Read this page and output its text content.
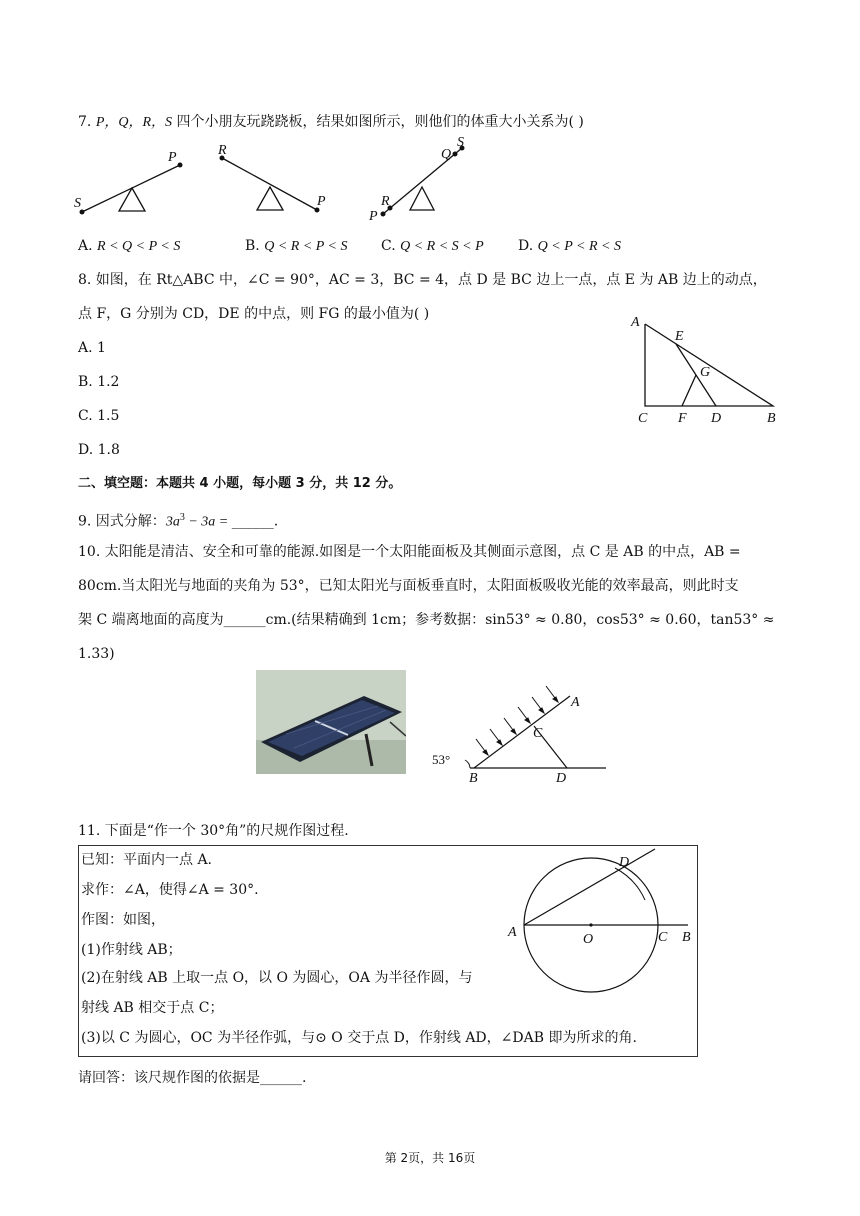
7. P，Q，R，S 四个小朋友玩跷跷板，结果如图所示，则他们的体重大小关系为( )
S
P	R
P
Q
S
P
R
A. R < Q < P < S	B. Q < R < P < S C. Q < R < S < P D. Q < P < R < S
8. 如图，在 Rt△ABC 中，∠C = 90°，AC = 3，BC = 4，点 D 是 BC 边上一点，点 E 为 AB 边上的动点，
点 F，G 分别为 CD，DE 的中点，则 FG 的最小值为( )
A. 1
B. 1.2
C. 1.5
D. 1.8
A
E
G
C F D	B
二、填空题：本题共 4 小题，每小题 3 分，共 12 分。
9. 因式分解：$3a^3 - 3a$ = ______.
10. 太阳能是清洁、安全和可靠的能源.如图是一个太阳能面板及其侧面示意图，点 C 是 AB 的中点，AB =
80cm.当太阳光与地面的夹角为 53°，已知太阳光与面板垂直时，太阳面板吸收光能的效率最高，则此时支
架 C 端离地面的高度为______cm.(结果精确到 1cm；参考数据：sin53° ≈ 0.80，cos53° ≈ 0.60，tan53° ≈
1.33)
53°
A
C
B	D
11. 下面是“作一个 30°角”的尺规作图过程.
已知：平面内一点 A.
求作：∠A，使得∠A = 30°.
作图：如图，
(1)作射线 AB；
(2)在射线 AB 上取一点 O，以 O 为圆心，OA 为半径作圆，与
射线 AB 相交于点 C；
(3)以 C 为圆心，OC 为半径作弧，与⊙ O 交于点 D，作射线 AD，∠DAB 即为所求的角.
A	O	C B
D
请回答：该尺规作图的依据是______.
第 2页，共 16页
